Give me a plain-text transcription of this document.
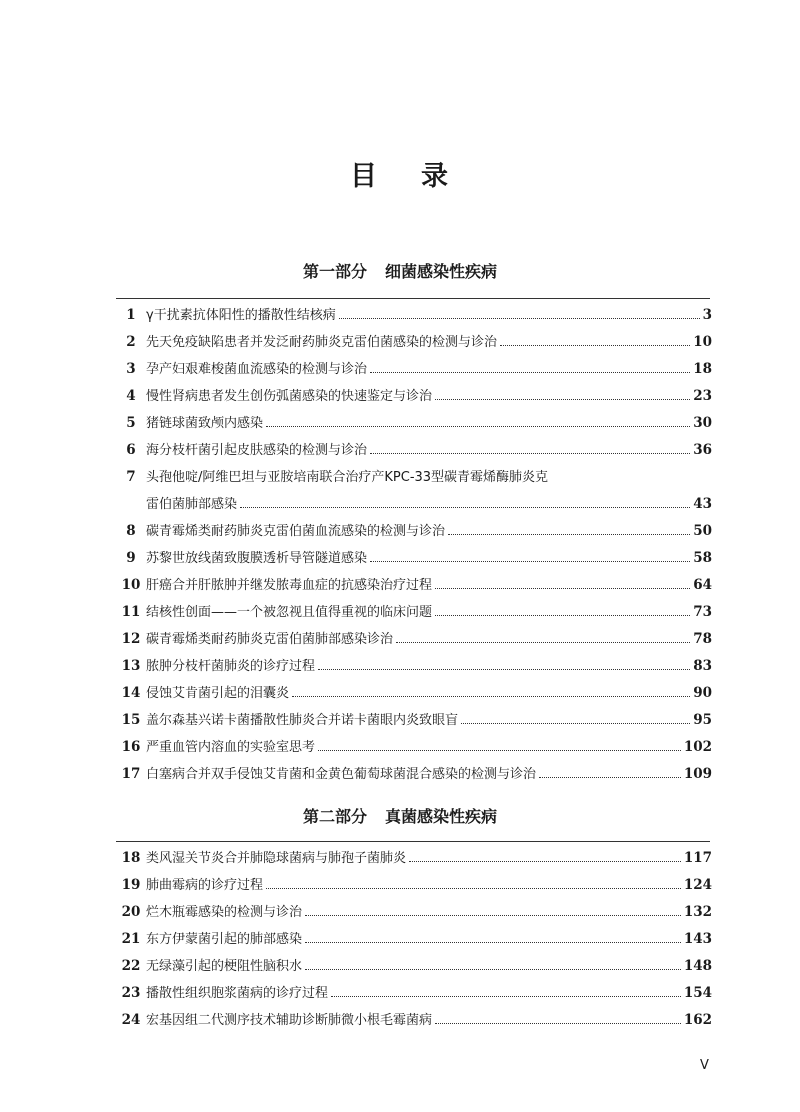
目 录
第一部分 细菌感染性疾病
1 γ干扰素抗体阳性的播散性结核病	3
2 先天免疫缺陷患者并发泛耐药肺炎克雷伯菌感染的检测与诊治	10
3 孕产妇艰难梭菌血流感染的检测与诊治	18
4 慢性肾病患者发生创伤弧菌感染的快速鉴定与诊治	23
5 猪链球菌致颅内感染	30
6 海分枝杆菌引起皮肤感染的检测与诊治	36
7 头孢他啶/阿维巴坦与亚胺培南联合治疗产KPC-33型碳青霉烯酶肺炎克
雷伯菌肺部感染	43
8 碳青霉烯类耐药肺炎克雷伯菌血流感染的检测与诊治	50
9 苏黎世放线菌致腹膜透析导管隧道感染	58
10 肝癌合并肝脓肿并继发脓毒血症的抗感染治疗过程	64
11 结核性创面——一个被忽视且值得重视的临床问题	73
12 碳青霉烯类耐药肺炎克雷伯菌肺部感染诊治	78
13 脓肿分枝杆菌肺炎的诊疗过程	83
14 侵蚀艾肯菌引起的泪囊炎	90
15 盖尔森基兴诺卡菌播散性肺炎合并诺卡菌眼内炎致眼盲	95
16 严重血管内溶血的实验室思考	102
17 白塞病合并双手侵蚀艾肯菌和金黄色葡萄球菌混合感染的检测与诊治	109
第二部分 真菌感染性疾病
18 类风湿关节炎合并肺隐球菌病与肺孢子菌肺炎	117
19 肺曲霉病的诊疗过程	124
20 烂木瓶霉感染的检测与诊治	132
21 东方伊蒙菌引起的肺部感染	143
22 无绿藻引起的梗阻性脑积水	148
23 播散性组织胞浆菌病的诊疗过程	154
24 宏基因组二代测序技术辅助诊断肺微小根毛霉菌病	162
V
